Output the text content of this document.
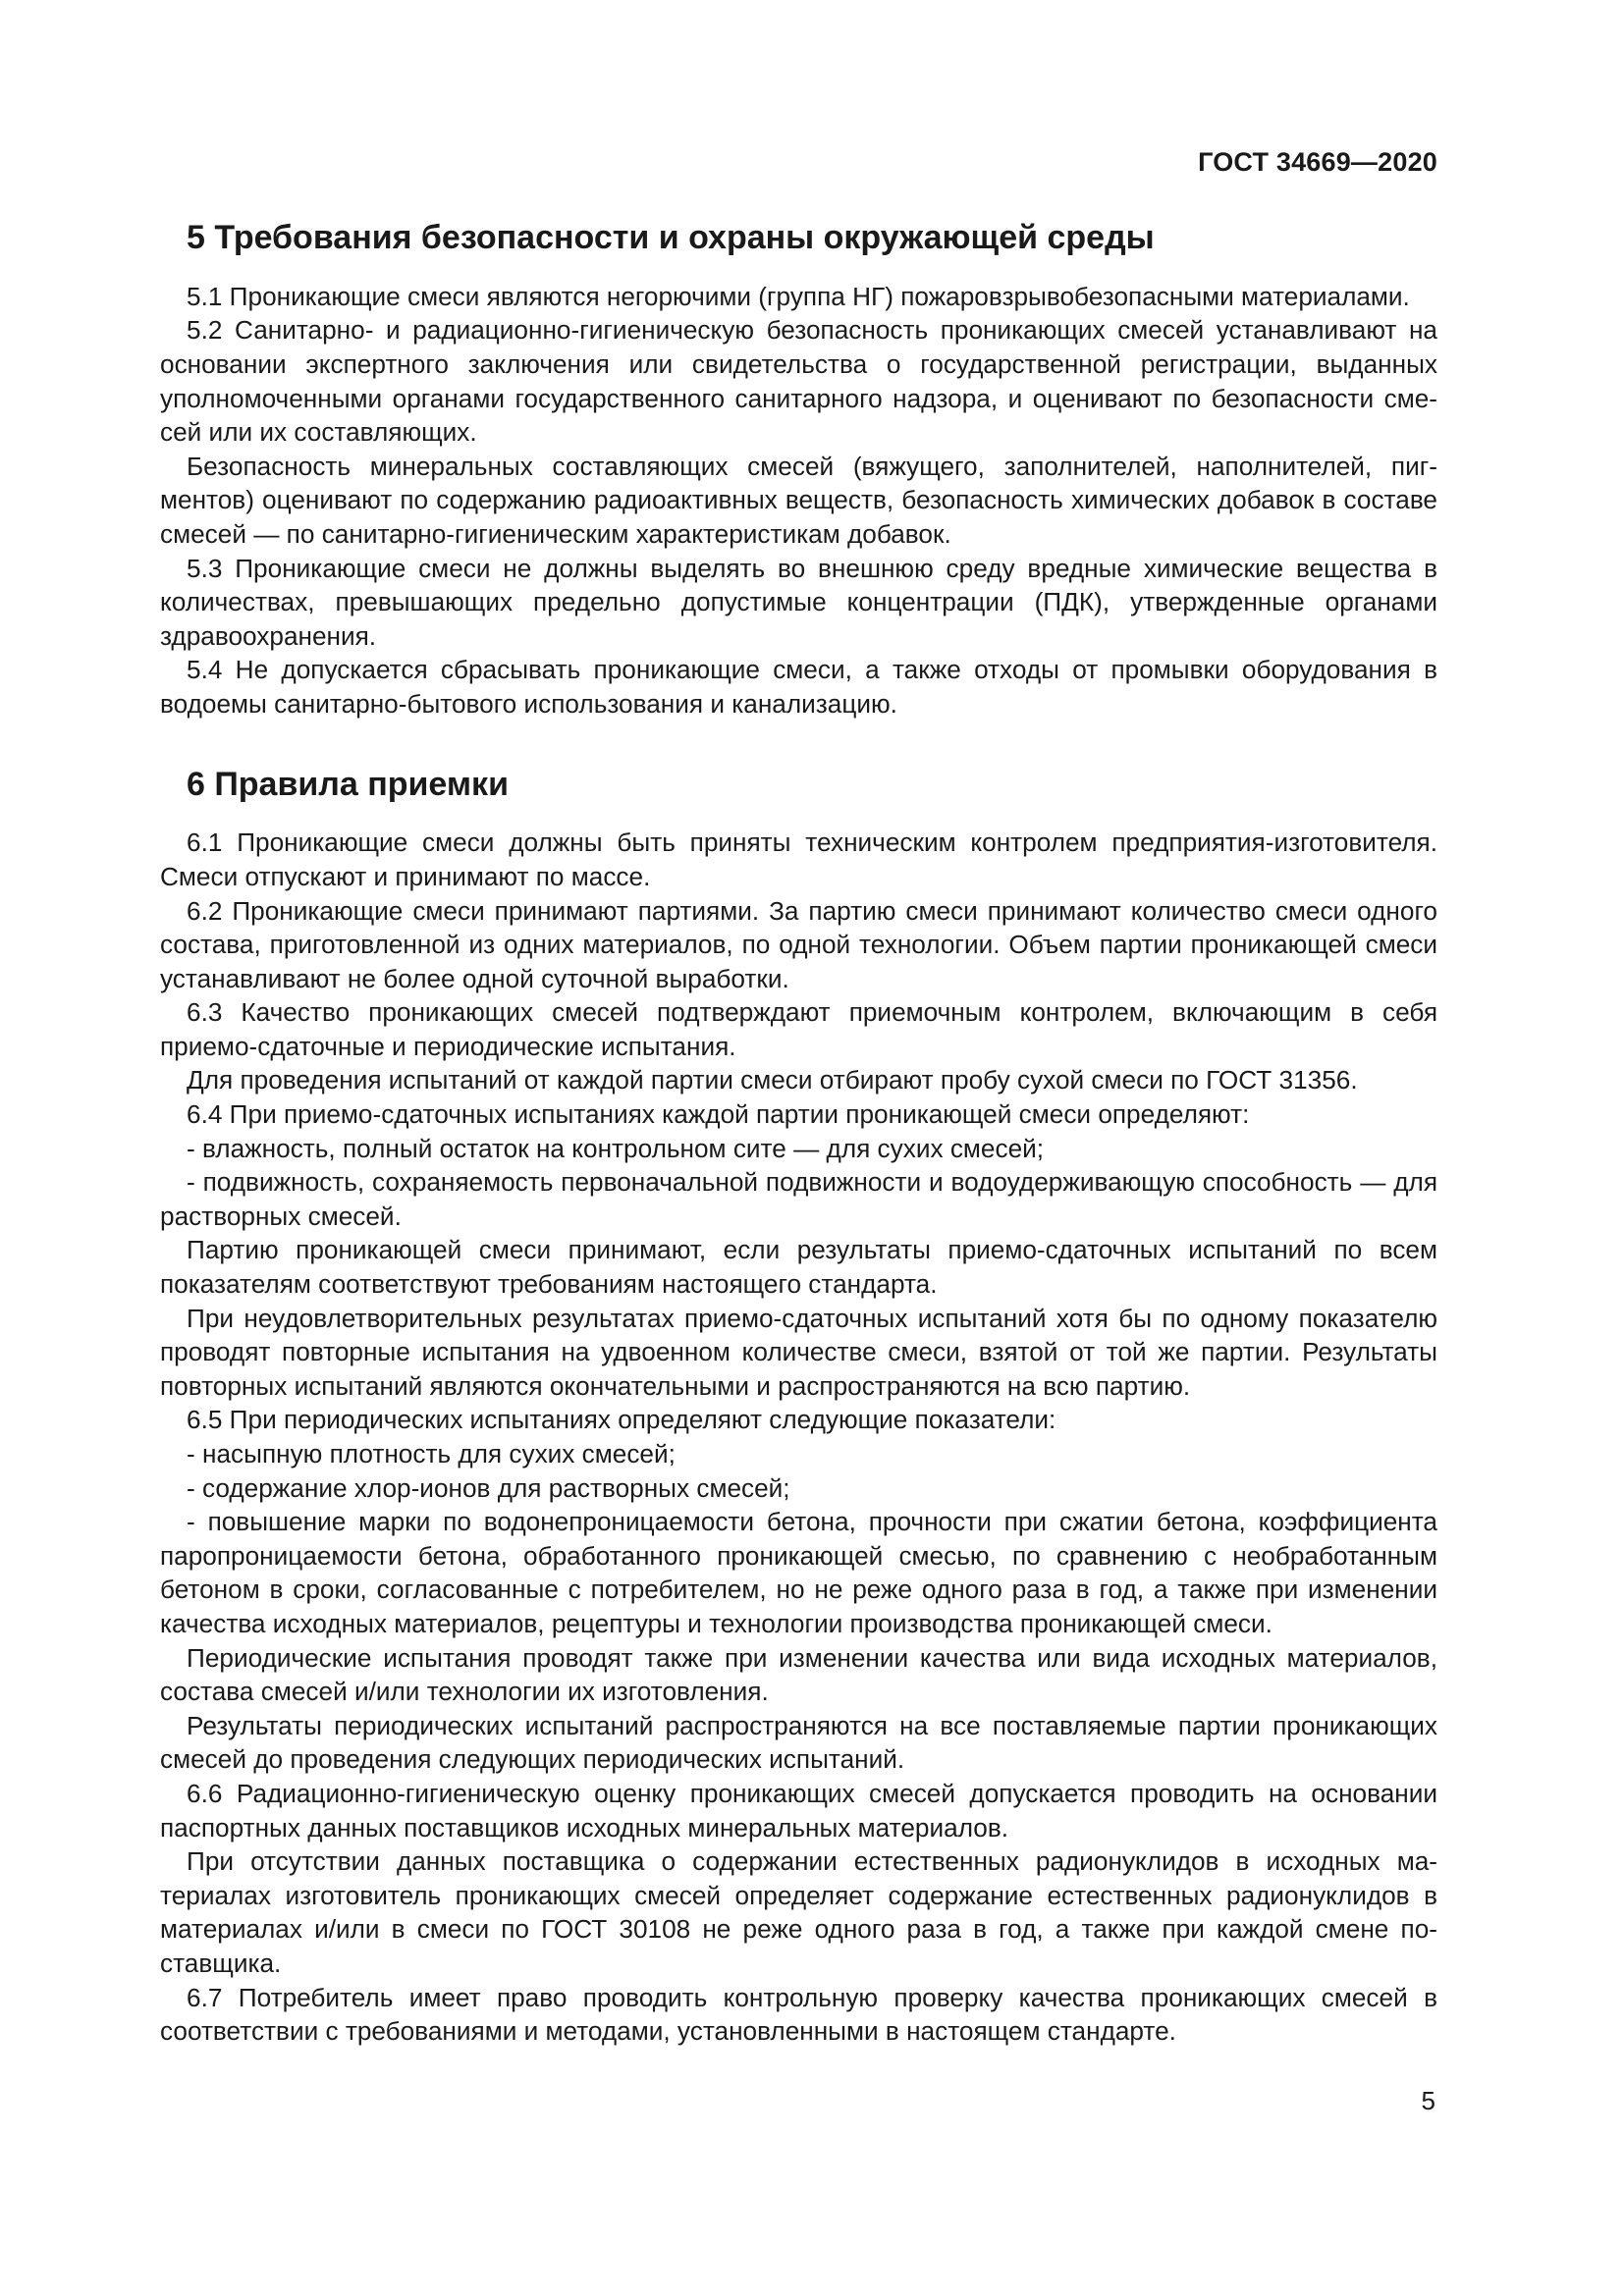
ГОСТ 34669—2020
5 Требования безопасности и охраны окружающей среды

5.1 Проникающие смеси являются негорючими (группа НГ) пожаровзрывобезопасными материалами.

5.2 Санитарно- и радиационно-гигиеническую безопасность проникающих смесей устанавливают на основании экспертного заключения или свидетельства о государственной регистрации, выданных уполномоченными органами государственного санитарного надзора, и оценивают по безопасности смесей или их составляющих.

Безопасность минеральных составляющих смесей (вяжущего, заполнителей, наполнителей, пигментов) оценивают по содержанию радиоактивных веществ, безопасность химических добавок в составе смесей — по санитарно-гигиеническим характеристикам добавок.

5.3 Проникающие смеси не должны выделять во внешнюю среду вредные химические вещества в количествах, превышающих предельно допустимые концентрации (ПДК), утвержденные органами здравоохранения.

5.4 Не допускается сбрасывать проникающие смеси, а также отходы от промывки оборудования в водоемы санитарно-бытового использования и канализацию.

6 Правила приемки

6.1 Проникающие смеси должны быть приняты техническим контролем предприятия-изготовителя. Смеси отпускают и принимают по массе.

6.2 Проникающие смеси принимают партиями. За партию смеси принимают количество смеси одного состава, приготовленной из одних материалов, по одной технологии. Объем партии проникающей смеси устанавливают не более одной суточной выработки.

6.3 Качество проникающих смесей подтверждают приемочным контролем, включающим в себя приемо-сдаточные и периодические испытания.

Для проведения испытаний от каждой партии смеси отбирают пробу сухой смеси по ГОСТ 31356.

6.4 При приемо-сдаточных испытаниях каждой партии проникающей смеси определяют:

- влажность, полный остаток на контрольном сите — для сухих смесей;

- подвижность, сохраняемость первоначальной подвижности и водоудерживающую способность — для растворных смесей.

Партию проникающей смеси принимают, если результаты приемо-сдаточных испытаний по всем показателям соответствуют требованиям настоящего стандарта.

При неудовлетворительных результатах приемо-сдаточных испытаний хотя бы по одному показателю проводят повторные испытания на удвоенном количестве смеси, взятой от той же партии. Результаты повторных испытаний являются окончательными и распространяются на всю партию.

6.5 При периодических испытаниях определяют следующие показатели:

- насыпную плотность для сухих смесей;

- содержание хлор-ионов для растворных смесей;

- повышение марки по водонепроницаемости бетона, прочности при сжатии бетона, коэффициента паропроницаемости бетона, обработанного проникающей смесью, по сравнению с необработанным бетоном в сроки, согласованные с потребителем, но не реже одного раза в год, а также при изменении качества исходных материалов, рецептуры и технологии производства проникающей смеси.

Периодические испытания проводят также при изменении качества или вида исходных материалов, состава смесей и/или технологии их изготовления.

Результаты периодических испытаний распространяются на все поставляемые партии проникающих смесей до проведения следующих периодических испытаний.

6.6 Радиационно-гигиеническую оценку проникающих смесей допускается проводить на основании паспортных данных поставщиков исходных минеральных материалов.

При отсутствии данных поставщика о содержании естественных радионуклидов в исходных материалах изготовитель проникающих смесей определяет содержание естественных радионуклидов в материалах и/или в смеси по ГОСТ 30108 не реже одного раза в год, а также при каждой смене поставщика.

6.7 Потребитель имеет право проводить контрольную проверку качества проникающих смесей в соответствии с требованиями и методами, установленными в настоящем стандарте.

5
